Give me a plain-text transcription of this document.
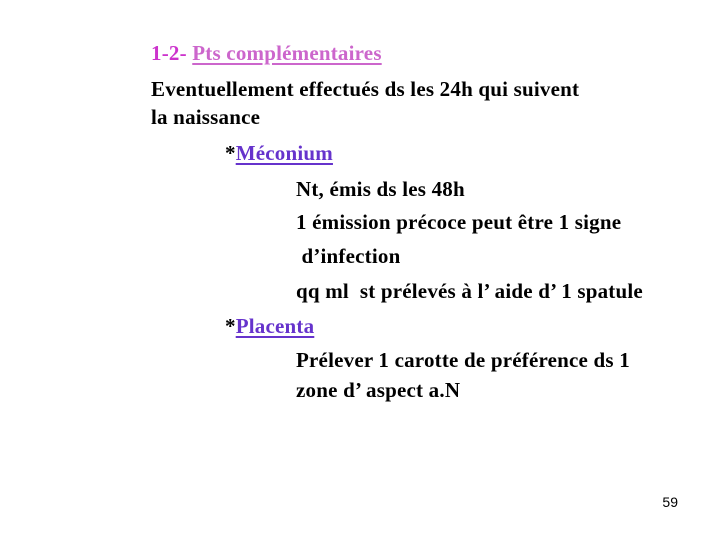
1-2- Pts complémentaires
Eventuellement effectués ds les 24h qui suivent
la naissance
*Méconium
Nt, émis ds les 48h
1 émission précoce peut être 1 signe
d’infection
qq ml  st prélevés à l’ aide d’ 1 spatule
*Placenta
Prélever 1 carotte de préférence ds 1
zone d’ aspect a.N
59
